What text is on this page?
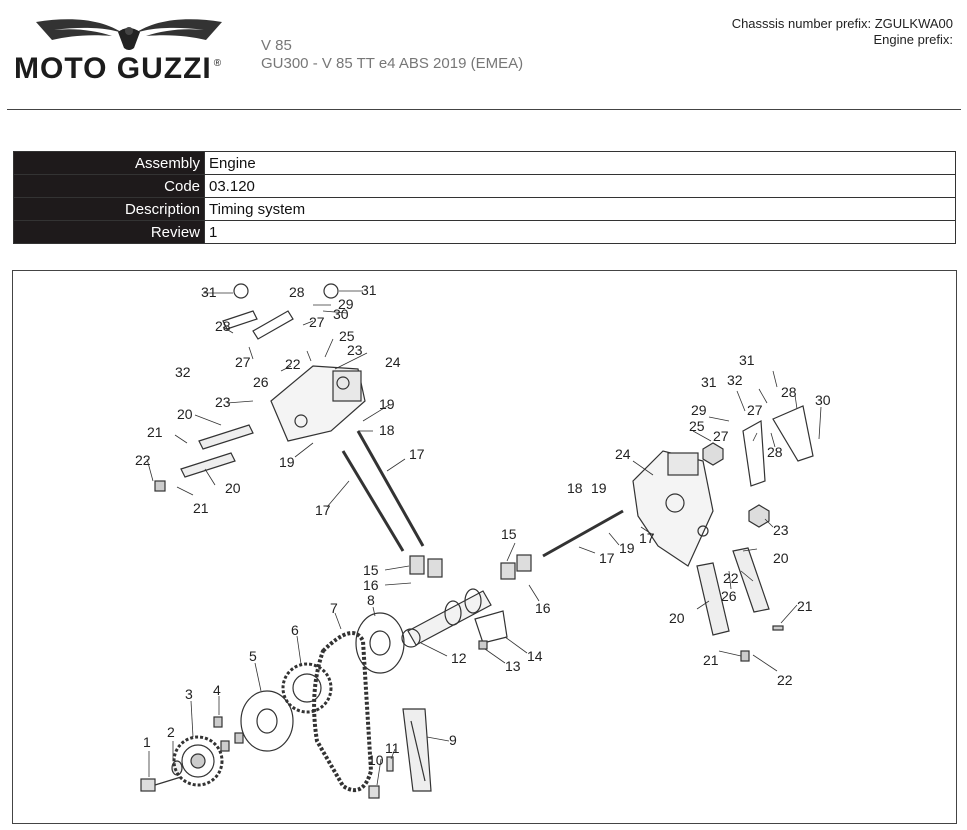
MOTO GUZZI ®
V 85
GU300 - V 85 TT e4 ABS 2019 (EMEA)
Chasssis number prefix: ZGULKWA00
Engine prefix:
Assembly	Engine
Code	03.120
Description	Timing system
Review	1
1
2
3 4
5
6
7 8
9
10
11
12	13
14
15
15
16
16
17
17
17
17
18
18
19
19
19
19
20
20
20
20
21
21
21
21
22
22
22
22
23
23
23
24
24
25
25
26
26
27
27
27
27
28
28
28
28
29
29
30
30
31	31
31
31
32	32
